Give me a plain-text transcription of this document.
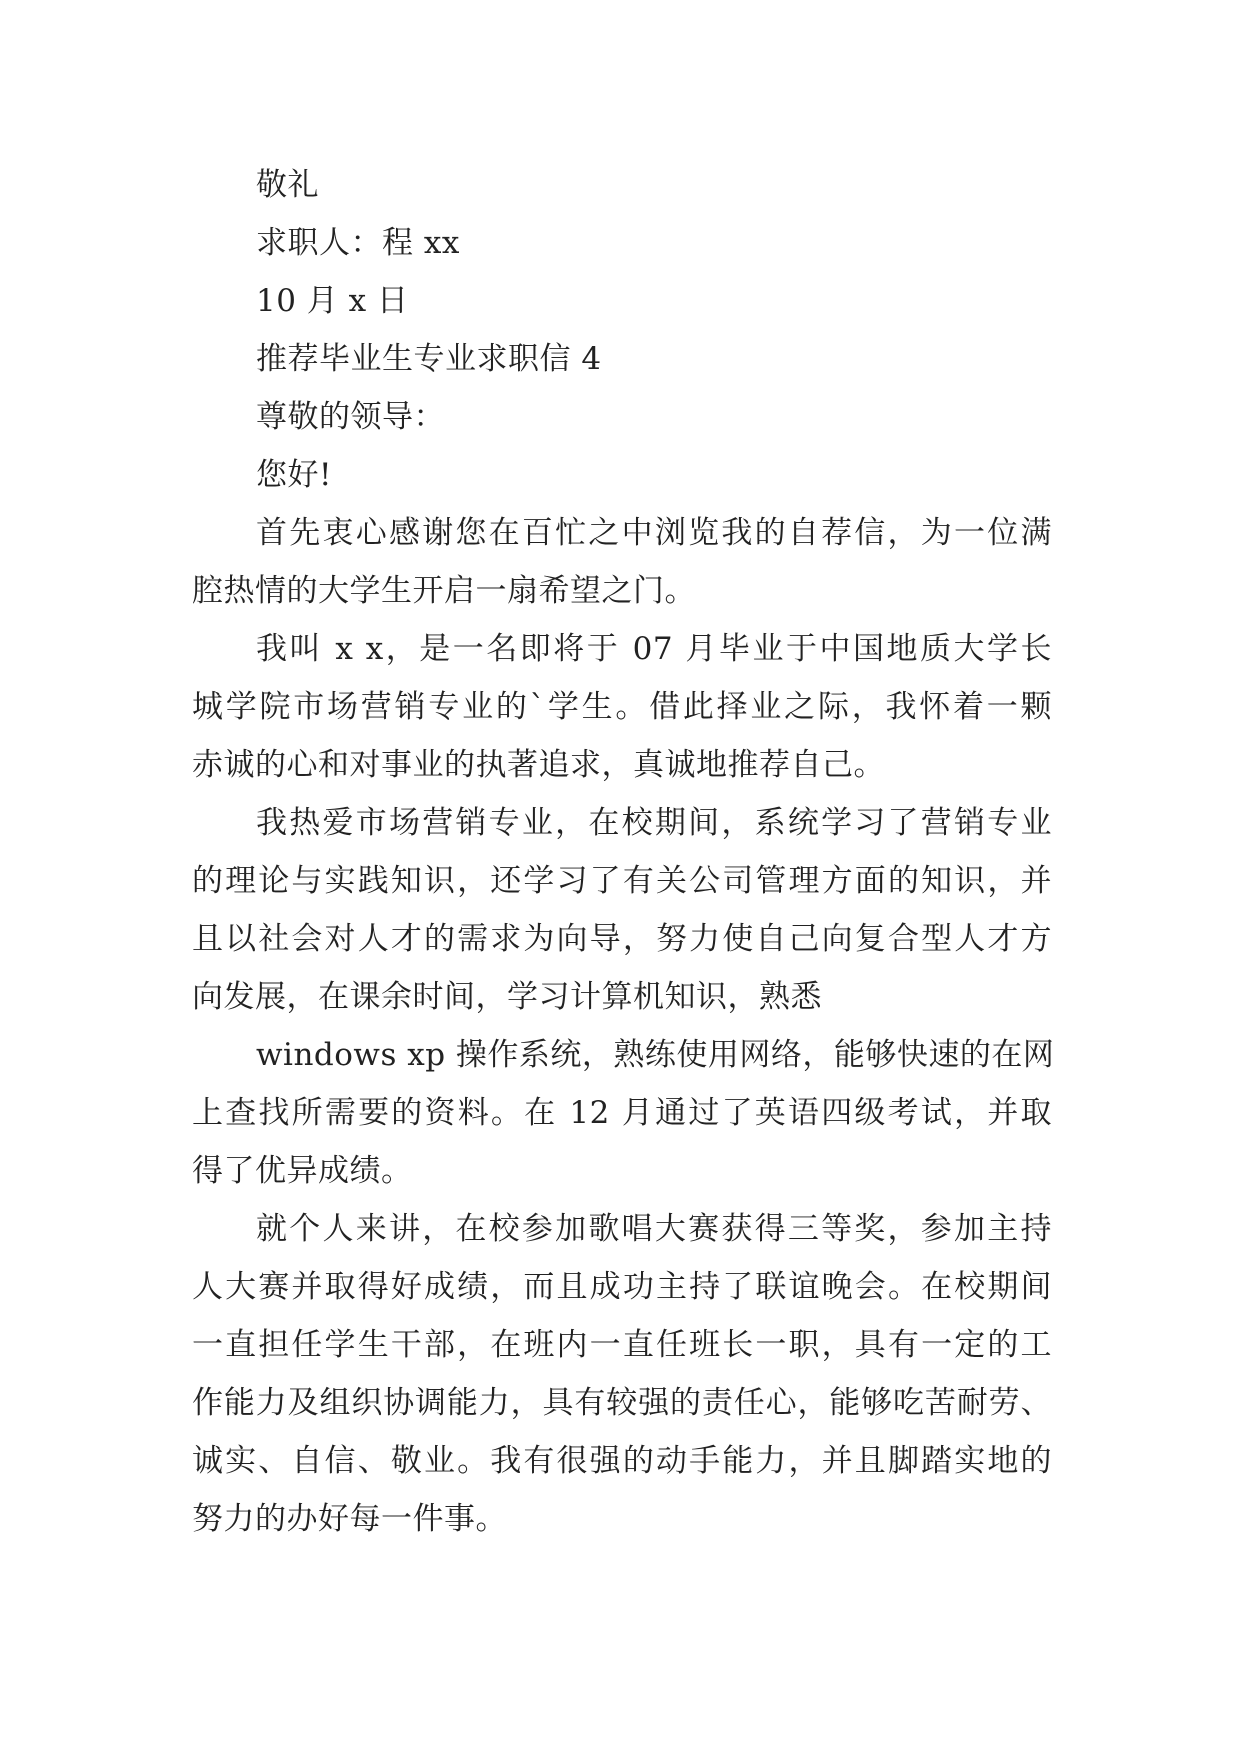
敬礼
求职人：程 xx
10 月 x 日
推荐毕业生专业求职信 4
尊敬的领导：
您好!
首先衷心感谢您在百忙之中浏览我的自荐信，为一位满
腔热情的大学生开启一扇希望之门。
我叫 x x，是一名即将于 07 月毕业于中国地质大学长
城学院市场营销专业的`学生。借此择业之际，我怀着一颗
赤诚的心和对事业的执著追求，真诚地推荐自己。
我热爱市场营销专业，在校期间，系统学习了营销专业
的理论与实践知识，还学习了有关公司管理方面的知识，并
且以社会对人才的需求为向导，努力使自己向复合型人才方
向发展，在课余时间，学习计算机知识，熟悉
windows xp 操作系统，熟练使用网络，能够快速的在网
上查找所需要的资料。在 12 月通过了英语四级考试，并取
得了优异成绩。
就个人来讲，在校参加歌唱大赛获得三等奖，参加主持
人大赛并取得好成绩，而且成功主持了联谊晚会。在校期间
一直担任学生干部，在班内一直任班长一职，具有一定的工
作能力及组织协调能力，具有较强的责任心，能够吃苦耐劳、
诚实、自信、敬业。我有很强的动手能力，并且脚踏实地的
努力的办好每一件事。
